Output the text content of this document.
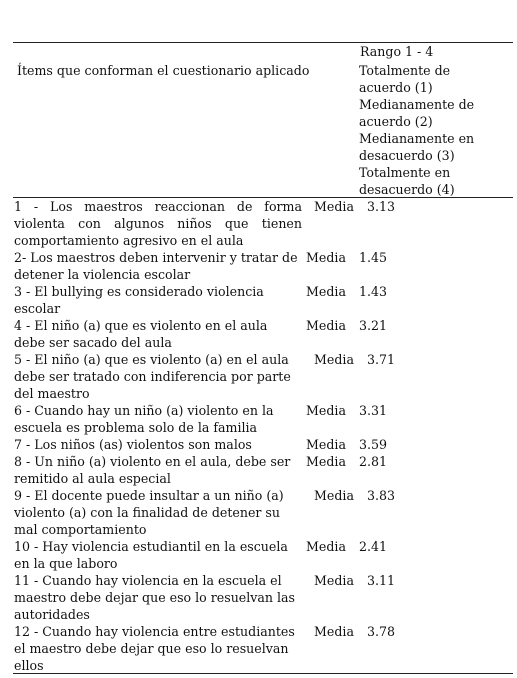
Rango 1 - 4
Ítems que conforman el cuestionario aplicado	Totalmente de
acuerdo (1)
Medianamente de
acuerdo (2)
Medianamente en
desacuerdo (3)
Totalmente en
desacuerdo (4)
1 - Los maestros reaccionan de forma violenta con algunos niños que tienen comportamiento agresivo en el aula
Media 3.13
2- Los maestros deben intervenir y tratar de detener la violencia escolar
Media 1.45
3 - El bullying es considerado violencia escolar
Media 1.43
4 - El niño (a) que es violento en el aula debe ser sacado del aula
Media 3.21
5 - El niño (a) que es violento (a) en el aula debe ser tratado con indiferencia por parte del maestro
Media 3.71
6 - Cuando hay un niño (a) violento en la escuela es problema solo de la familia
Media 3.31
7 - Los niños (as) violentos son malos	Media 3.59
8 - Un niño (a) violento en el aula, debe ser remitido al aula especial
Media 2.81
9 - El docente puede insultar a un niño (a) violento (a) con la finalidad de detener su mal comportamiento
Media 3.83
10 - Hay violencia estudiantil en la escuela en la que laboro
Media 2.41
11 - Cuando hay violencia en la escuela el maestro debe dejar que eso lo resuelvan las autoridades
Media 3.11
12 - Cuando hay violencia entre estudiantes el maestro debe dejar que eso lo resuelvan ellos
Media 3.78
